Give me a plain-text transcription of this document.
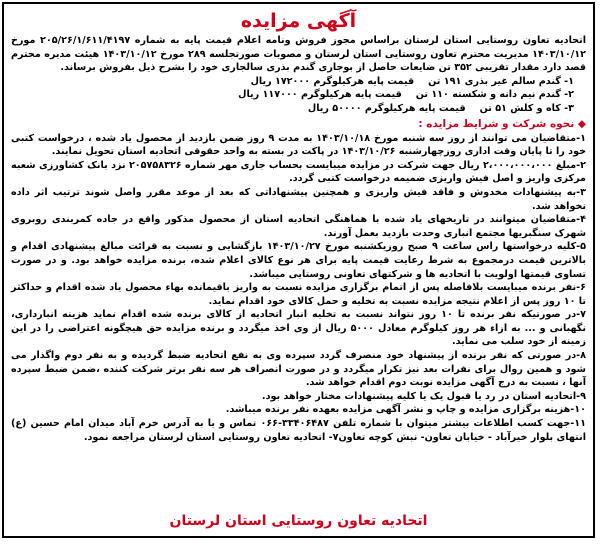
آگهی مزایده

اتحادیه تعاون روستایی استان لرستان براساس مجوز فروش ونامه اعلام قیمت پایه به شماره ۲۰۵/۲۶/۱/۶۱۱/۴۱۹۷ مورخ ۱۴۰۳/۱۰/۱۲ مدیریت محترم تعاون روستایی استان لرستان و مصوبات صورتجلسه ۲۸۹ مورخ ۱۴۰۳/۱۰/۱۲ هیئت مدیره محترم قصد دارد مقدار تقریبی ۳۵۲ تن ضایعات حاصل از بوجاری گندم بذری سالجاری خود را بشرح ذیل بفروش برساند.

۱- گندم سالم غیر بذری ۱۹۱ تن
قیمت پایه هرکیلوگرم ۱۷۲۰۰۰ ریال
۲- گندم نیم دانه و شکسته ۱۱۰ تن
قیمت پایه هرکیلوگرم ۱۱۷۰۰۰ ریال
۳- کاه و کلش ۵۱ تن
قیمت پایه هرکیلوگرم ۵۰۰۰۰ ریال
◆ نحوه شرکت و شرایط مزایده :

۱-متقاضیان می توانند از روز سه شنبه مورخ ۱۴۰۳/۱۰/۱۸ به مدت ۹ روز ضمن بازدید از محصول یاد شده ، درخواست کتبی خود را تا پایان وقت اداری روزچهارشنبه ۱۴۰۳/۱۰/۲۶ در پاکت در بسته به واحد حقوقی اتحادیه استان تحویل نمایند.

۲-مبلغ ۲،۰۰۰،۰۰۰،۰۰۰ ریال جهت شرکت در مزایده میبایست بحساب جاری مهر شماره ۲۰۵۷۵۸۳۲۶ نزد بانک کشاورزی شعبه مرکزی واریز و اصل فیش واریزی ضمیمه درخواست کتبی گردد.

۳-به پیشنهادات مخدوش و فاقد فیش واریزی و همچنین پیشنهاداتی که بعد از موعد مقرر واصل شوند ترتیب اثر داده نخواهد شد.

۴-متقاضیان میتوانند در تاریخهای یاد شده با هماهنگی اتحادیه استان از محصول مذکور واقع در جاده کمربندی روبروی شهرک سنگبریها مجتمع انباری وحدت بازدید بعمل آورند.

۵-کلیه درخواستها راس ساعت ۹ صبح روزیکشنبه مورخ ۱۴۰۳/۱۰/۲۷ بازگشایی و نسبت به قرائت مبالغ پیشنهادی اقدام و بالاترین قیمت درمجموع به شرط رعایت قیمت پایه برای هر نوع کالای اعلام شده، برنده مزایده خواهد بود. و در صورت تساوی قیمتها اولویت با اتحادیه ها و شرکتهای تعاونی روستایی میباشد.

۶-نفر برنده میبایست بلافاصله پس از اتمام برگزاری مزایده نسبت به واریز باقیمانده بهاء محصول یاد شده اقدام و حداکثر تا ۱۰ روز پس از اعلام نتیجه مزایده نسبت به تخلیه و حمل کالای خود اقدام نماید.

۷-در صورتیکه نفر برنده تا ۱۰ روز نتواند نسبت به تخلیه انبار اتحادیه از کالای برنده شده اقدام نماید هزینه انبارداری، نگهبانی و ... به ازاء هر روز کیلوگرم معادل ۵۰۰۰ ریال از وی اخذ میگردد و برنده مزایده حق هیچگونه اعتراضی را در این زمینه از خود سلب می نماید.

۸-در صورتی که نفر برنده از پیشنهاد خود منصرف گردد سپرده وی به نفع اتحادیه ضبط گردیده و به نفر دوم واگذار می شود و همین روال برای نفرات بعد نیز تکرار میگردد و در صورت انصراف هر سه نفر برتر شرکت کننده ،ضمن ضبط سپرده آنها ، نسبت به درج آگهی مزایده نوبت دوم اقدام خواهد شد.

۹-اتحادیه استان در رد یا قبول یک یا کلیه پیشنهادات مختار خواهد بود.

۱۰-هزینه برگزاری مزایده و چاپ و نشر آگهی مزایده بعهده نفر برنده میباشد.

۱۱-جهت کسب اطلاعات بیشتر میتوان با شماره تلفن ۳۳۴۰۶۴۸۷-۰۶۶ تماس و یا به آدرس خرم آباد میدان امام حسین (ع) انتهای بلوار خیرآباد - خیابان تعاون- نبش کوچه تعاون۷- اتحادیه تعاون روستایی استان لرستان مراجعه نمود.

اتحادیه تعاون روستایی استان لرستان
